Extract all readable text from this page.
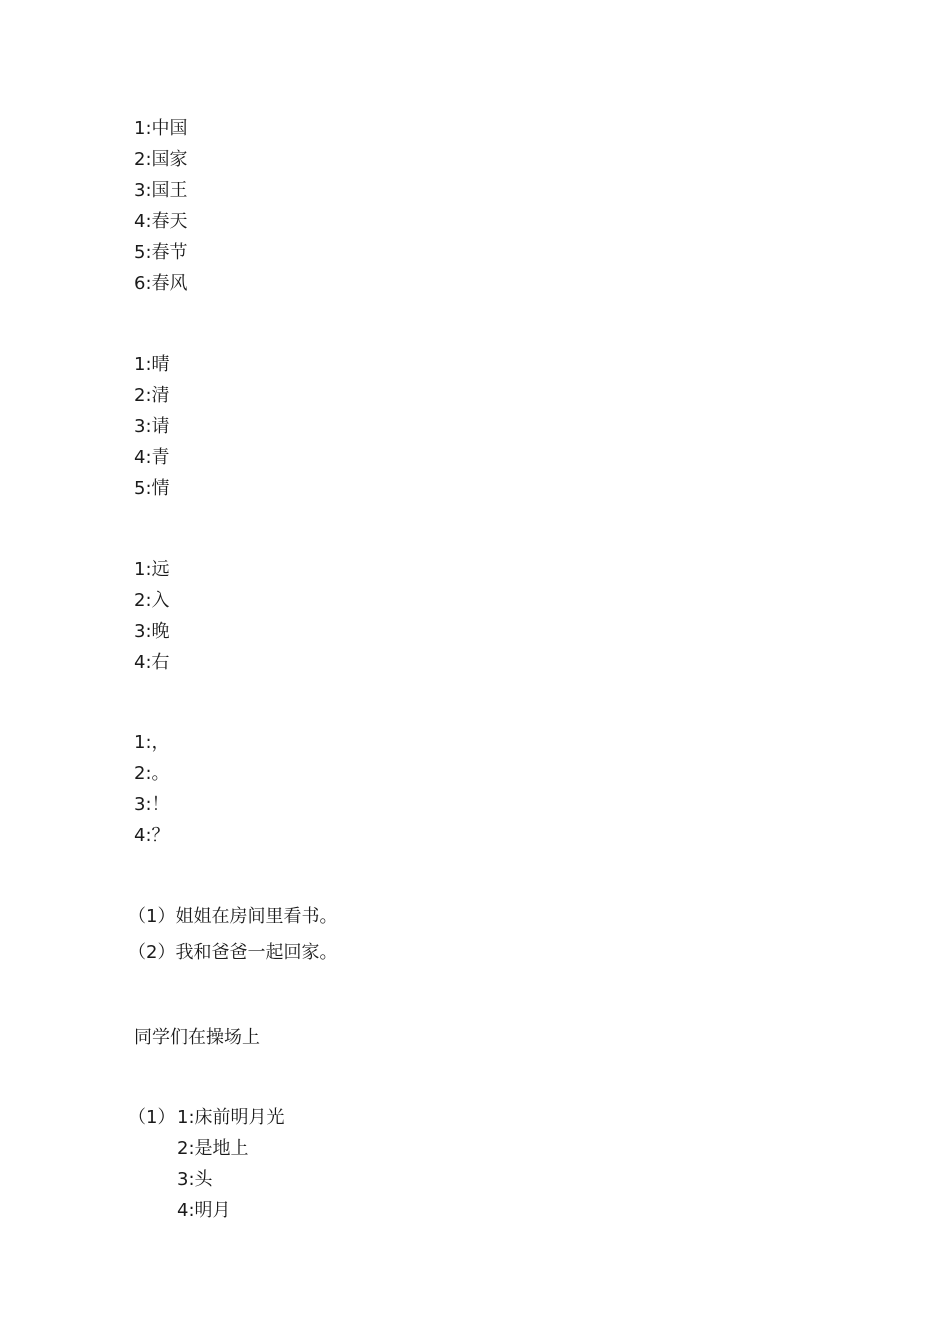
1:中国
2:国家
3:国王
4:春天
5:春节
6:春风
1:晴
2:清
3:请
4:青
5:情
1:远
2:入
3:晚
4:右
1:，
2:。
3:！
4:？
（1）姐姐在房间里看书。
（2）我和爸爸一起回家。
同学们在操场上
（1） 1:床前明月光
2:是地上
3:头
4:明月
